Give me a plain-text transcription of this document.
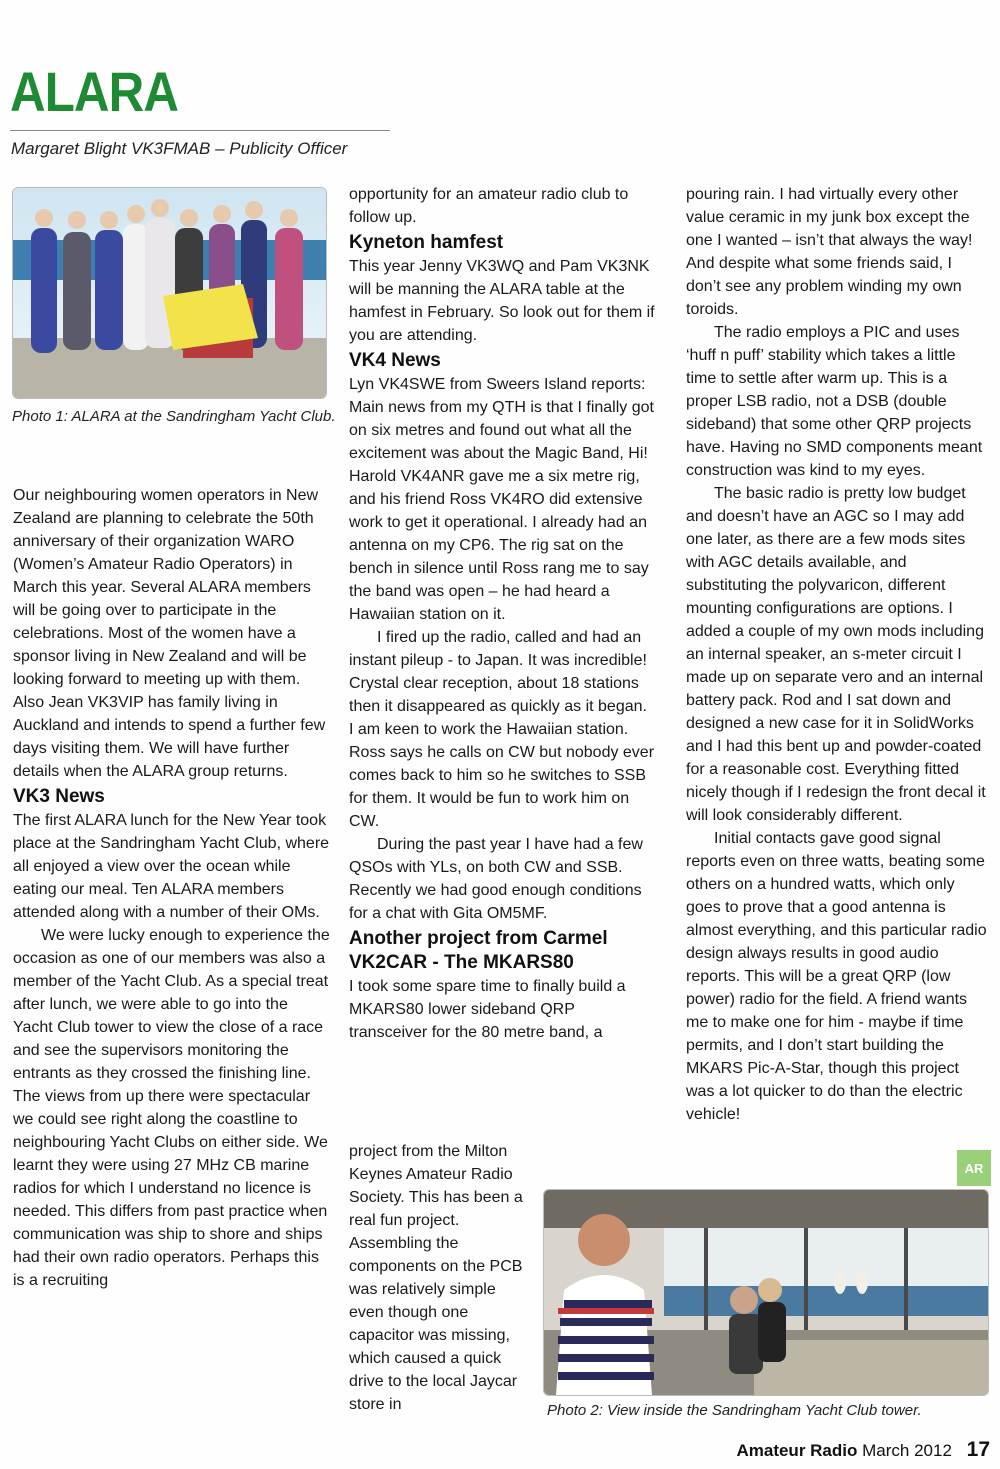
ALARA
Margaret Blight VK3FMAB – Publicity Officer
Photo 1: ALARA at the Sandringham Yacht Club.

Our neighbouring women operators in New Zealand are planning to celebrate the 50th anniversary of their organization WARO (Women’s Amateur Radio Operators) in March this year. Several ALARA members will be going over to participate in the celebrations. Most of the women have a sponsor living in New Zealand and will be looking forward to meeting up with them. Also Jean VK3VIP has family living in Auckland and intends to spend a further few days visiting them. We will have further details when the ALARA group returns.

VK3 News

The first ALARA lunch for the New Year took place at the Sandringham Yacht Club, where all enjoyed a view over the ocean while eating our meal. Ten ALARA members attended along with a number of their OMs.

We were lucky enough to experience the occasion as one of our members was also a member of the Yacht Club. As a special treat after lunch, we were able to go into the Yacht Club tower to view the close of a race and see the supervisors monitoring the entrants as they crossed the finishing line. The views from up there were spectacular we could see right along the coastline to neighbouring Yacht Clubs on either side. We learnt they were using 27 MHz CB marine radios for which I understand no licence is needed. This differs from past practice when communication was ship to shore and ships had their own radio operators. Perhaps this is a recruiting

opportunity for an amateur radio club to follow up.

Kyneton hamfest

This year Jenny VK3WQ and Pam VK3NK will be manning the ALARA table at the hamfest in February. So look out for them if you are attending.

VK4 News

Lyn VK4SWE from Sweers Island reports: Main news from my QTH is that I finally got on six metres and found out what all the excitement was about the Magic Band, Hi! Harold VK4ANR gave me a six metre rig, and his friend Ross VK4RO did extensive work to get it operational. I already had an antenna on my CP6. The rig sat on the bench in silence until Ross rang me to say the band was open – he had heard a Hawaiian station on it.

I fired up the radio, called and had an instant pileup - to Japan. It was incredible! Crystal clear reception, about 18 stations then it disappeared as quickly as it began. I am keen to work the Hawaiian station. Ross says he calls on CW but nobody ever comes back to him so he switches to SSB for them. It would be fun to work him on CW.

During the past year I have had a few QSOs with YLs, on both CW and SSB. Recently we had good enough conditions for a chat with Gita OM5MF.

Another project from Carmel
VK2CAR - The MKARS80

I took some spare time to finally build a MKARS80 lower sideband QRP transceiver for the 80 metre band, a

project from the Milton Keynes Amateur Radio Society. This has been a real fun project. Assembling the components on the PCB was relatively simple even though one capacitor was missing, which caused a quick drive to the local Jaycar store in

pouring rain. I had virtually every other value ceramic in my junk box except the one I wanted – isn’t that always the way! And despite what some friends said, I don’t see any problem winding my own toroids.

The radio employs a PIC and uses ‘huff n puff’ stability which takes a little time to settle after warm up. This is a proper LSB radio, not a DSB (double sideband) that some other QRP projects have. Having no SMD components meant construction was kind to my eyes.

The basic radio is pretty low budget and doesn’t have an AGC so I may add one later, as there are a few mods sites with AGC details available, and substituting the polyvaricon, different mounting configurations are options. I added a couple of my own mods including an internal speaker, an s-meter circuit I made up on separate vero and an internal battery pack. Rod and I sat down and designed a new case for it in SolidWorks and I had this bent up and powder-coated for a reasonable cost. Everything fitted nicely though if I redesign the front decal it will look considerably different.

Initial contacts gave good signal reports even on three watts, beating some others on a hundred watts, which only goes to prove that a good antenna is almost everything, and this particular radio design always results in good audio reports. This will be a great QRP (low power) radio for the field. A friend wants me to make one for him - maybe if time permits, and I don’t start building the MKARS Pic-A-Star, though this project was a lot quicker to do than the electric vehicle!

AR
Photo 2: View inside the Sandringham Yacht Club tower.
Amateur Radio March 2012 17
